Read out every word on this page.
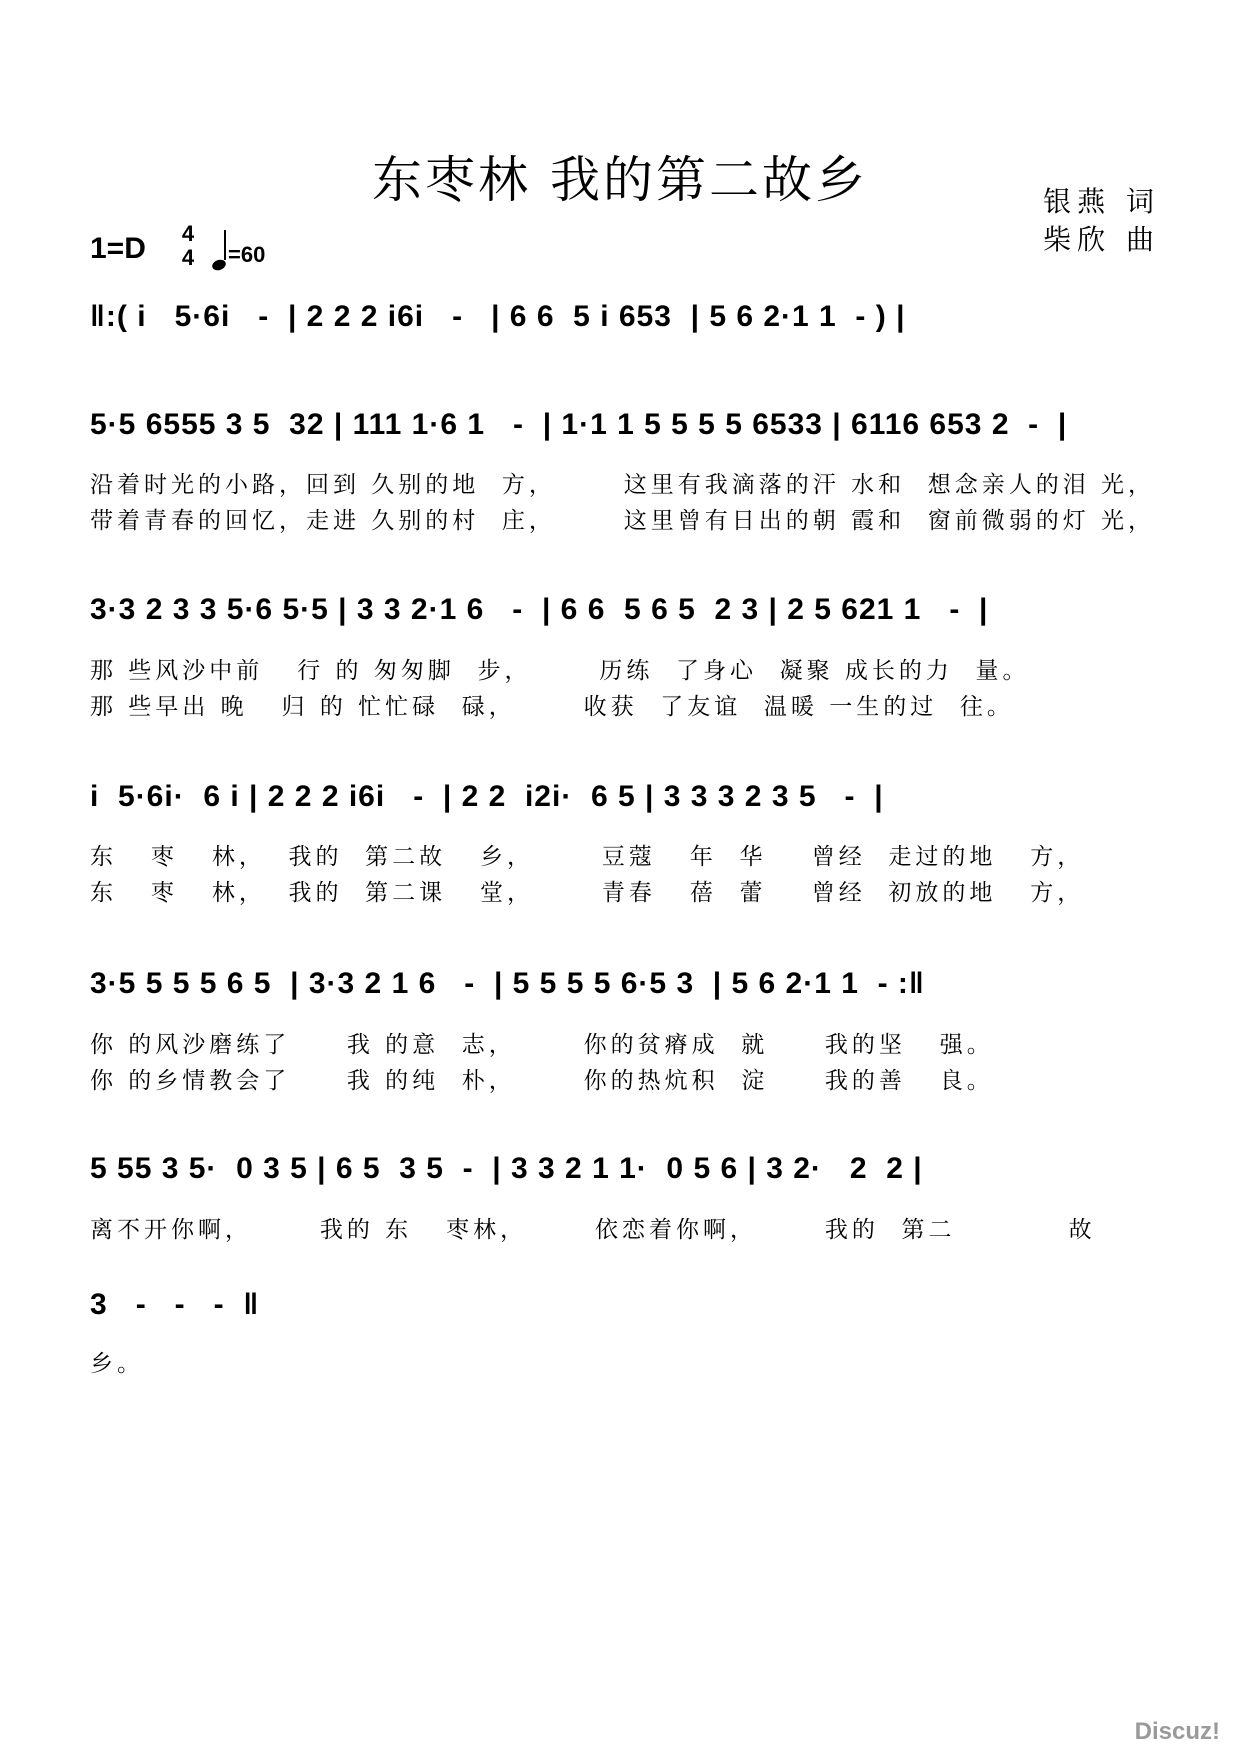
东枣林 我的第二故乡	银燕 词
柴欣 曲
1=D 4
4 =60
‖:( i   5·6i   -  | 2 2 2 i6i   -   | 6 6  5 i 653  | 5 6 2·1 1  - ) |
5·5 6555 3 5  32 | 111 1·6 1   -  | 1·1 1 5 5 5 5 6533 | 6116 653 2  -  |
沿着时光的小路，回到 久别的地  方，      这里有我滴落的汗 水和  想念亲人的泪 光，
带着青春的回忆，走进 久别的村  庄，      这里曾有日出的朝 霞和  窗前微弱的灯 光，
3·3 2 3 3 5·6 5·5 | 3 3 2·1 6   -  | 6 6  5 6 5  2 3 | 2 5 621 1   -  |
那 些风沙中前   行 的 匆匆脚  步，      历练  了身心  凝聚 成长的力  量。
那 些早出 晚   归 的 忙忙碌  碌，      收获  了友谊  温暖 一生的过  往。
i  5·6i·  6 i | 2 2 2 i6i   -  | 2 2  i2i·  6 5 | 3 3 3 2 3 5   -  |
东   枣   林，  我的  第二故   乡，      豆蔻   年  华    曾经  走过的地   方，
东   枣   林，  我的  第二课   堂，      青春   蓓  蕾    曾经  初放的地   方，
3·5 5 5 5 6 5  | 3·3 2 1 6   -  | 5 5 5 5 6·5 3  | 5 6 2·1 1  - :‖
你 的风沙磨练了     我 的意  志，      你的贫瘠成  就     我的坚   强。
你 的乡情教会了     我 的纯  朴，      你的热炕积  淀     我的善   良。
5 55 3 5·  0 3 5 | 6 5  3 5  -  | 3 3 2 1 1·  0 5 6 | 3 2·   2  2 |
离不开你啊，      我的 东   枣林，      依恋着你啊，      我的  第二          故
3   -   -   -  ‖
乡。
Discuz!
